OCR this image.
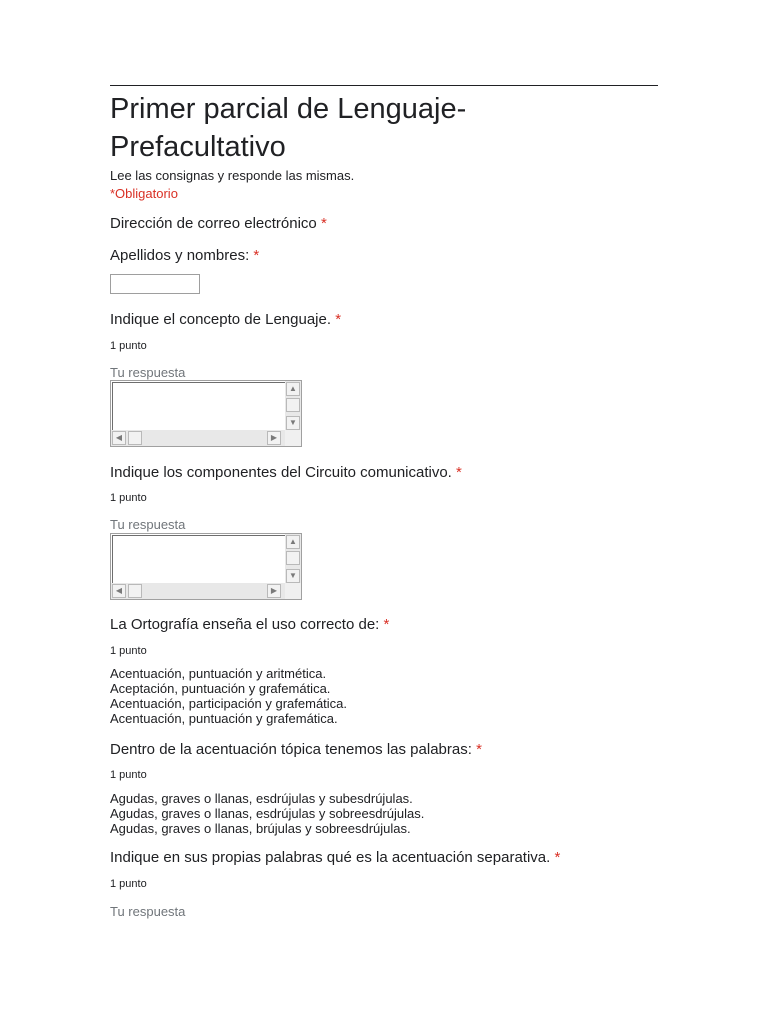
Primer parcial de Lenguaje-
Prefacultativo
Lee las consignas y responde las mismas.
*Obligatorio
Dirección de correo electrónico *
Apellidos y nombres: *
Indique el concepto de Lenguaje. *
1 punto
Tu respuesta
▲
▼
◀	▶
Indique los componentes del Circuito comunicativo. *
1 punto
Tu respuesta
▲
▼
◀	▶
La Ortografía enseña el uso correcto de: *
1 punto
Acentuación, puntuación y aritmética.
Aceptación, puntuación y grafemática.
Acentuación, participación y grafemática.
Acentuación, puntuación y grafemática.
Dentro de la acentuación tópica tenemos las palabras: *
1 punto
Agudas, graves o llanas, esdrújulas y subesdrújulas.
Agudas, graves o llanas, esdrújulas y sobreesdrújulas.
Agudas, graves o llanas, brújulas y sobreesdrújulas.
Indique en sus propias palabras qué es la acentuación separativa. *
1 punto
Tu respuesta
